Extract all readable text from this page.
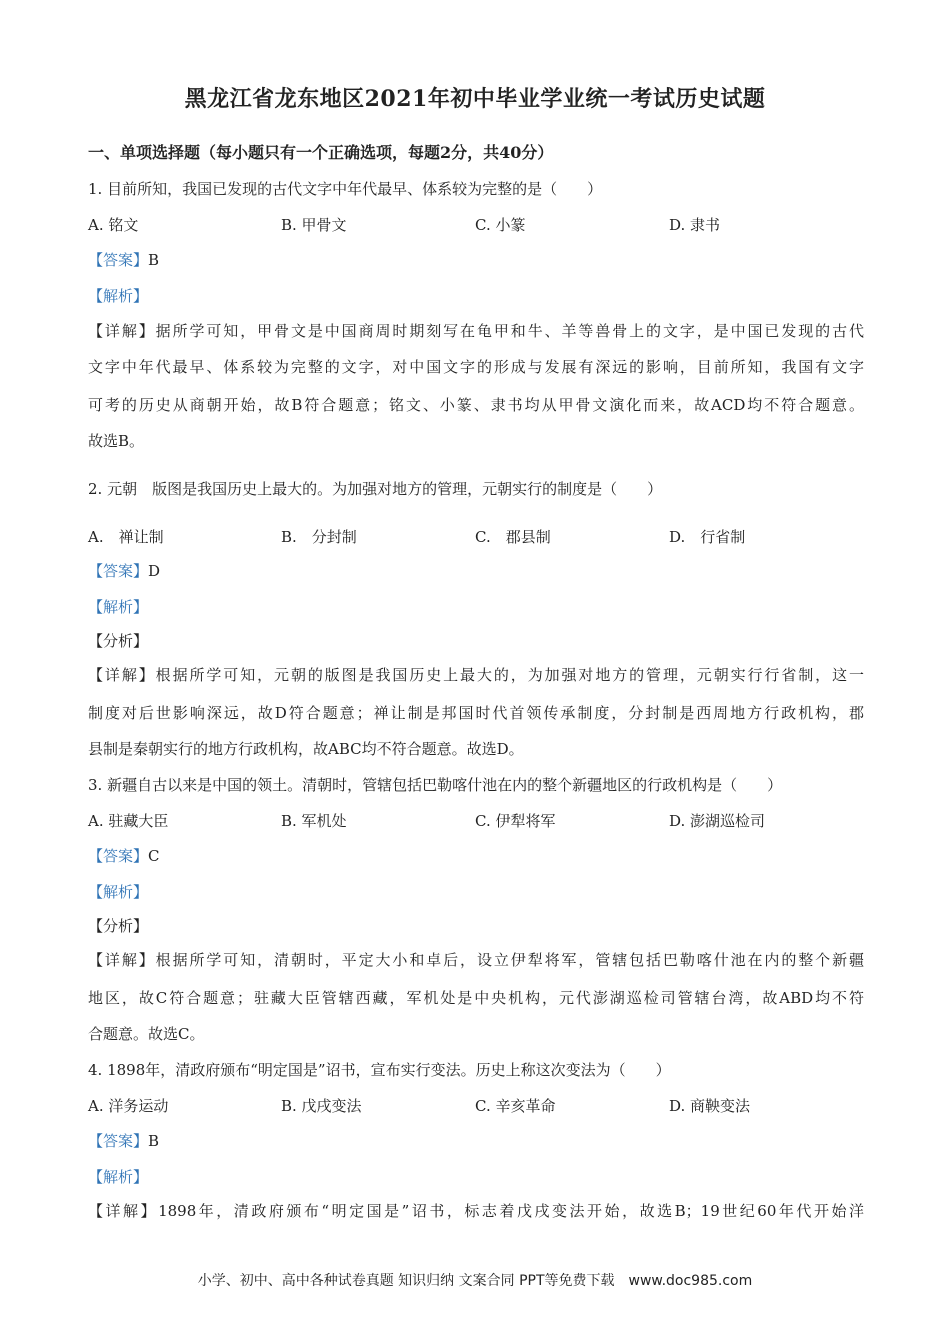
黑龙江省龙东地区2021年初中毕业学业统一考试历史试题
一、单项选择题（每小题只有一个正确选项，每题2分，共40分）
1. 目前所知，我国已发现的古代文字中年代最早、体系较为完整的是（　　）
A. 铭文	B. 甲骨文	C. 小篆	D. 隶书
【答案】B
【解析】
【详解】据所学可知，甲骨文是中国商周时期刻写在龟甲和牛、羊等兽骨上的文字，是中国已发现的古代
文字中年代最早、体系较为完整的文字，对中国文字的形成与发展有深远的影响，目前所知，我国有文字
可考的历史从商朝开始，故B符合题意；铭文、小篆、隶书均从甲骨文演化而来，故ACD均不符合题意。
故选B。
2. 元朝　版图是我国历史上最大的。为加强对地方的管理，元朝实行的制度是（　　）
A.　禅让制	B.　分封制	C.　郡县制	D.　行省制
【答案】D
【解析】
【分析】
【详解】根据所学可知，元朝的版图是我国历史上最大的，为加强对地方的管理，元朝实行行省制，这一
制度对后世影响深远，故D符合题意；禅让制是邦国时代首领传承制度，分封制是西周地方行政机构，郡
县制是秦朝实行的地方行政机构，故ABC均不符合题意。故选D。
3. 新疆自古以来是中国的领土。清朝时，管辖包括巴勒喀什池在内的整个新疆地区的行政机构是（　　）
A. 驻藏大臣	B. 军机处	C. 伊犁将军	D. 澎湖巡检司
【答案】C
【解析】
【分析】
【详解】根据所学可知，清朝时，平定大小和卓后，设立伊犁将军，管辖包括巴勒喀什池在内的整个新疆
地区，故C符合题意；驻藏大臣管辖西藏，军机处是中央机构，元代澎湖巡检司管辖台湾，故ABD均不符
合题意。故选C。
4. 1898年，清政府颁布“明定国是”诏书，宣布实行变法。历史上称这次变法为（　　）
A. 洋务运动	B. 戊戌变法	C. 辛亥革命	D. 商鞅变法
【答案】B
【解析】
【详解】1898年，清政府颁布“明定国是”诏书，标志着戊戌变法开始，故选B；19世纪60年代开始洋
小学、初中、高中各种试卷真题 知识归纳 文案合同 PPT等免费下载　www.doc985.com
